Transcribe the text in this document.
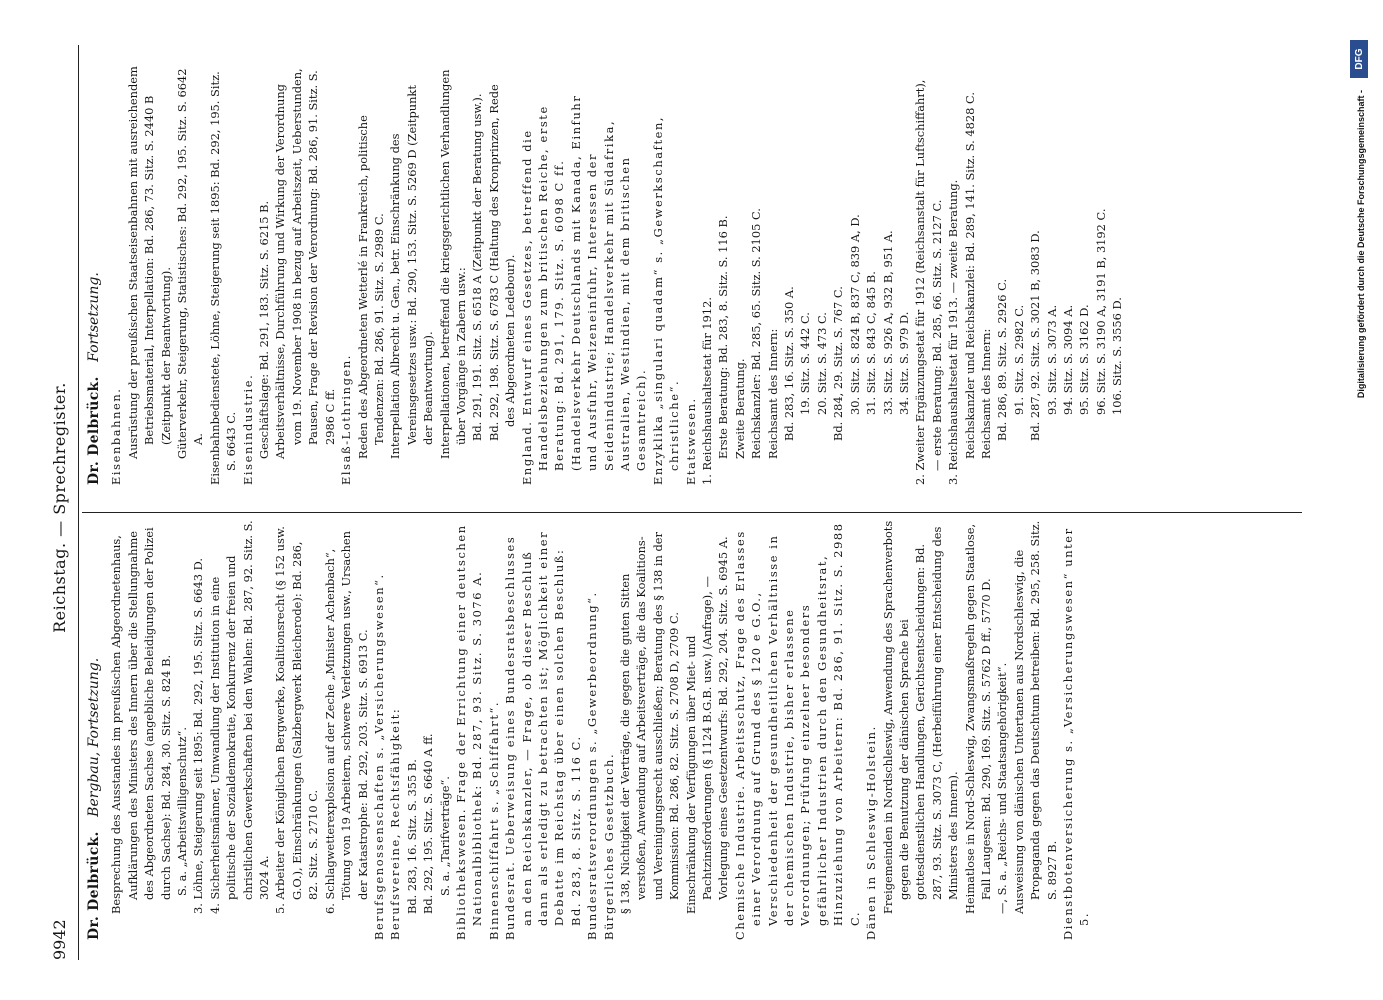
9942
Reichstag. — Sprechregister.
Dr. Delbrück. Bergbau, Fortsetzung. Besprechung des Ausstandes im preußischen Abgeordnetenhaus, Aufklärungen des Ministers des Innern über die Stellungnahme des Abgeordneten Sachse (angebliche Beleidigungen der Polizei durch Sachse): Bd. 284, 30. Sitz. S. 824 B. S. a. „Arbeitswilligenschutz“. 3. Löhne, Steigerung seit 1895: Bd. 292, 195. Sitz. S. 6643 D. 4. Sicherheitsmänner, Umwandlung der Institution in eine politische der Sozialdemokratie, Konkurrenz der freien und christlichen Gewerkschaften bei den Wahlen: Bd. 287, 92. Sitz. S. 3024 A. 5. Arbeiter der Königlichen Bergwerke, Koalitionsrecht (§ 152 usw. G.O.), Einschränkungen (Salzbergwerk Bleicherode): Bd. 286, 82. Sitz. S. 2710 C. 6. Schlagwetterexplosion auf der Zeche „Minister Achenbach“, Tötung von 19 Arbeitern, schwere Verletzungen usw., Ursachen der Katastrophe: Bd. 292, 203. Sitz. S. 6913 C. Berufsgenossenschaften s. „Versicherungswesen“. Berufsvereine, Rechtsfähigkeit: Bd. 283, 16. Sitz. S. 355 B. Bd. 292, 195. Sitz. S. 6640 A ff. S. a. „Tarifverträge“. Bibliothekswesen. Frage der Errichtung einer deutschen Nationalbibliothek: Bd. 287, 93. Sitz. S. 3076 A. Binnenschiffahrt s. „Schiffahrt“. Bundesrat. Ueberweisung eines Bundesratsbeschlusses an den Reichskanzler, — Frage, ob dieser Beschluß dann als erledigt zu betrachten ist; Möglichkeit einer Debatte im Reichstag über einen solchen Beschluß: Bd. 283, 8. Sitz. S. 116 C. Bundesratsverordnungen s. „Gewerbeordnung“. Bürgerliches Gesetzbuch. § 138, Nichtigkeit der Verträge, die gegen die guten Sitten verstoßen, Anwendung auf Arbeitsverträge, die das Koalitions- und Vereinigungsrecht ausschließen; Beratung des § 138 in der Kommission: Bd. 286, 82. Sitz. S. 2708 D, 2709 C. Einschränkung der Verfügungen über Miet- und Pachtzinsforderungen (§ 1124 B.G.B. usw.) (Anfrage), — Vorlegung eines Gesetzentwurfs: Bd. 292, 204. Sitz. S. 6945 A. Chemische Industrie. Arbeitsschutz, Frage des Erlasses einer Verordnung auf Grund des § 120 e G.O., Verschiedenheit der gesundheitlichen Verhältnisse in der chemischen Industrie, bisher erlassene Verordnungen; Prüfung einzelner besonders gefährlicher Industrien durch den Gesundheitsrat, Hinzuziehung von Arbeitern: Bd. 286, 91. Sitz. S. 2988 C. Dänen in Schleswig-Holstein. Freigemeinden in Nordschleswig, Anwendung des Sprachenverbots gegen die Benutzung der dänischen Sprache bei gottesdienstlichen Handlungen, Gerichtsentscheidungen: Bd. 287, 93. Sitz. S. 3073 C, (Herbeiführung einer Entscheidung des Ministers des Innern). Heimatlose in Nord-Schleswig, Zwangsmaßregeln gegen Staatlose, Fall Laugesen: Bd. 290, 169. Sitz. S. 5762 D ff., 5770 D. —, S. a. „Reichs- und Staatsangehörigkeit“. Ausweisung von dänischen Untertanen aus Nordschleswig, die Propaganda gegen das Deutschtum betreiben: Bd. 295, 258. Sitz. S. 8927 B. Dienstbotenversicherung s. „Versicherungswesen“ unter 5.

Dr. Delbrück. Fortsetzung.

Eisenbahnen. Ausrüstung der preußischen Staatseisenbahnen mit ausreichendem Betriebsmaterial, Interpellation: Bd. 286, 73. Sitz. S. 2440 B (Zeitpunkt der Beantwortung). Güterverkehr, Steigerung, Statistisches: Bd. 292, 195. Sitz. S. 6642 A. Eisenbahnbedienstete, Löhne, Steigerung seit 1895: Bd. 292, 195. Sitz. S. 6643 C. Eisenindustrie. Geschäftslage: Bd. 291, 183. Sitz. S. 6215 B. Arbeitsverhältnisse, Durchführung und Wirkung der Verordnung vom 19. November 1908 in bezug auf Arbeitszeit, Ueberstunden, Pausen, Frage der Revision der Verordnung: Bd. 286, 91. Sitz. S. 2986 C ff. Elsaß-Lothringen. Reden des Abgeordneten Wetterlé in Frankreich, politische Tendenzen: Bd. 286, 91. Sitz. S. 2989 C. Interpellation Albrecht u. Gen., betr. Einschränkung des Vereinsgesetzes usw.: Bd. 290, 153. Sitz. S. 5269 D (Zeitpunkt der Beantwortung). Interpellationen, betreffend die kriegsgerichtlichen Verhandlungen über Vorgänge in Zabern usw.: Bd. 291, 191. Sitz. S. 6518 A (Zeitpunkt der Beratung usw.). Bd. 292, 198. Sitz. S. 6783 C (Haltung des Kronprinzen, Rede des Abgeordneten Ledebour). England. Entwurf eines Gesetzes, betreffend die Handelsbeziehungen zum britischen Reiche, erste Beratung: Bd. 291, 179. Sitz. S. 6098 C ff. (Handelsverkehr Deutschlands mit Kanada, Einfuhr und Ausfuhr, Weizeneinfuhr, Interessen der Seidenindustrie; Handelsverkehr mit Südafrika, Australien, Westindien, mit dem britischen Gesamtreich). Enzyklika „singulari quadam“ s. „Gewerkschaften, christliche“. Etatswesen. 1. Reichshaushaltsetat für 1912. Erste Beratung: Bd. 283, 8. Sitz. S. 116 B. Zweite Beratung. Reichskanzler: Bd. 285, 65. Sitz. S. 2105 C. Reichsamt des Innern: Bd. 283, 16. Sitz. S. 350 A. 19. Sitz. S. 442 C. 20. Sitz. S. 473 C. Bd. 284, 29. Sitz. S. 767 C. 30. Sitz. S. 824 B, 837 C, 839 A, D. 31. Sitz. S. 843 C, 845 B. 33. Sitz. S. 926 A, 932 B, 951 A. 34. Sitz. S. 979 D. 2. Zweiter Ergänzungsetat für 1912 (Reichsanstalt für Luftschiffahrt), — erste Beratung: Bd. 285, 66. Sitz. S. 2127 C. 3. Reichshaushaltsetat für 1913. — zweite Beratung. Reichskanzler und Reichskanzlei: Bd. 289, 141. Sitz. S. 4828 C. Reichsamt des Innern: Bd. 286, 89. Sitz. S. 2926 C. 91. Sitz. S. 2982 C. Bd. 287, 92. Sitz. S. 3021 B, 3083 D. 93. Sitz. S. 3073 A. 94. Sitz. S. 3094 A. 95. Sitz. S. 3162 D. 96. Sitz. S. 3190 A, 3191 B, 3192 C. 106. Sitz. S. 3556 D.	Digitalisierung gefördert durch die Deutsche Forschungsgemeinschaft -
DFG
